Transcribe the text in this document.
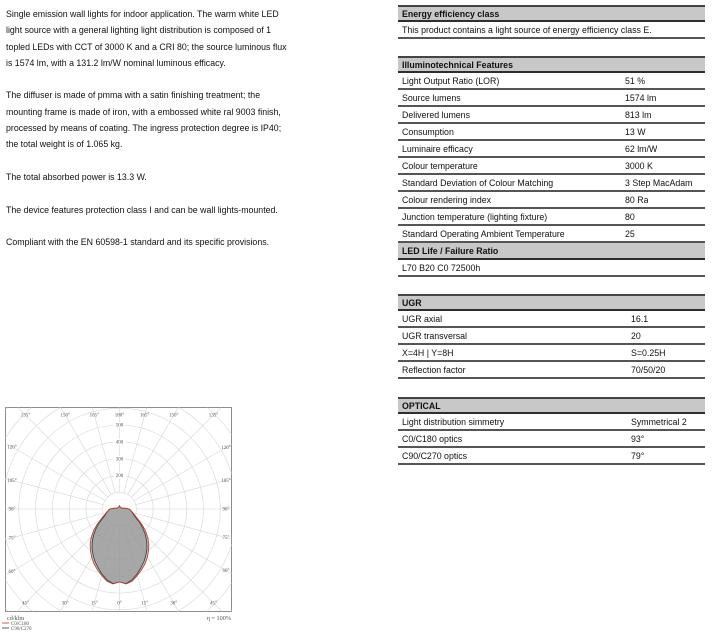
Single emission wall lights for indoor application. The warm white LED
light source with a general lighting light distribution is composed of 1
topled LEDs with CCT of 3000 K and a CRI 80; the source luminous flux
is 1574 lm, with a 131.2 lm/W nominal luminous efficacy.

The diffuser is made of pmma with a satin finishing treatment; the
mounting frame is made of iron, with a embossed white ral 9003 finish,
processed by means of coating. The ingress protection degree is IP40;
the total weight is of 1.065 kg.

The total absorbed power is 13.3 W.

The device features protection class I and can be wall lights-mounted.

Compliant with the EN 60598-1 standard and its specific provisions.

Energy efficiency class
This product contains a light source of energy efficiency class E.
Illuminotechnical Features
Light Output Ratio (LOR)	51 %
Source lumens	1574 lm
Delivered lumens	813 lm
Consumption	13 W
Luminaire efficacy	62 lm/W
Colour temperature	3000 K
Standard Deviation of Colour Matching	3 Step MacAdam
Colour rendering index	80 Ra
Junction temperature (lighting fixture)	80
Standard Operating Ambient Temperature	25
LED Life / Failure Ratio
L70 B20 C0 72500h
UGR
UGR axial	16.1
UGR transversal	20
X=4H | Y=8H	S=0.25H
Reflection factor	70/50/20
OPTICAL
Light distribution simmetry	Symmetrical 2
C0/C180 optics	93°
C90/C270 optics	79°
0°	15°
15°	30°
30°	45°
45°
60°
60°
75°
75°
90°
90°
105°
105°
120°
120°
135°
135°	150°
150°	165°
165°	180°
200
300
400
500
cd/klm	η = 100%
C0/C180
C90/C270
